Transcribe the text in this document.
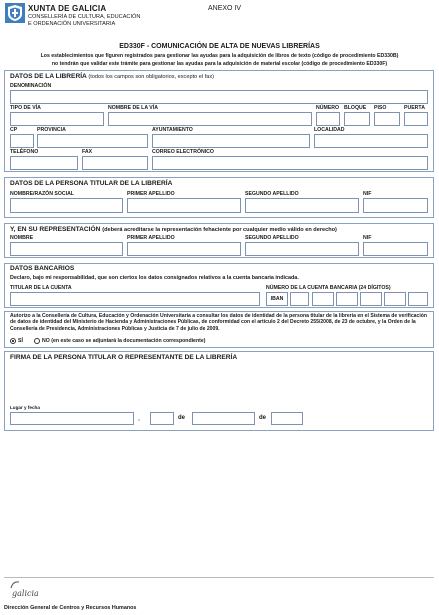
XUNTA DE GALICIA
CONSELLERÍA DE CULTURA, EDUCACIÓN
E ORDENACIÓN UNIVERSITARIA
ANEXO IV
ED330F - COMUNICACIÓN DE ALTA DE NUEVAS LIBRERÍAS
Los establecimientos que figuren registrados para gestionar las ayudas para la adquisición de libros de texto (código de procedimiento ED330B)
no tendrán que validar este trámite para gestionar las ayudas para la adquisición de material escolar (código de procedimiento ED330F)
DATOS DE LA LIBRERÍA (todos los campos son obligatorios, excepto el fax)
DENOMINACIÓN
TIPO DE VÍA	NOMBRE DE LA VÍA	NÚMERO BLOQUE PISO	PUERTA
CP	PROVINCIA	AYUNTAMIENTO	LOCALIDAD
TELÉFONO	FAX	CORREO ELECTRÓNICO
DATOS DE LA PERSONA TITULAR DE LA LIBRERÍA
NOMBRE/RAZÓN SOCIAL	PRIMER APELLIDO	SEGUNDO APELLIDO	NIF
Y, EN SU REPRESENTACIÓN (deberá acreditarse la representación fehaciente por cualquier medio válido en derecho)
NOMBRE	PRIMER APELLIDO	SEGUNDO APELLIDO	NIF
DATOS BANCARIOS
Declaro, bajo mi responsabilidad, que son ciertos los datos consignados relativos a la cuenta bancaria indicada.
TITULAR DE LA CUENTA	NÚMERO DE LA CUENTA BANCARIA (24 DÍGITOS)
IBAN
Autorizo a la Consellería de Cultura, Educación y Ordenación Universitaria a consultar los datos de identidad de la persona titular de la librería en el Sistema de verificación de datos de identidad del Ministerio de Hacienda y Administraciones Públicas, de conformidad con el artículo 2 del Decreto 255/2008, de 23 de octubre, y la Orden de la Consellería de Presidencia, Administraciones Públicas y Justicia de 7 de julio de 2009.
SÍ	NO (en este caso se adjuntará la documentación correspondiente)
FIRMA DE LA PERSONA TITULAR O REPRESENTANTE DE LA LIBRERÍA
Lugar y fecha
,	de	de
galicia
Dirección General de Centros y Recursos Humanos
